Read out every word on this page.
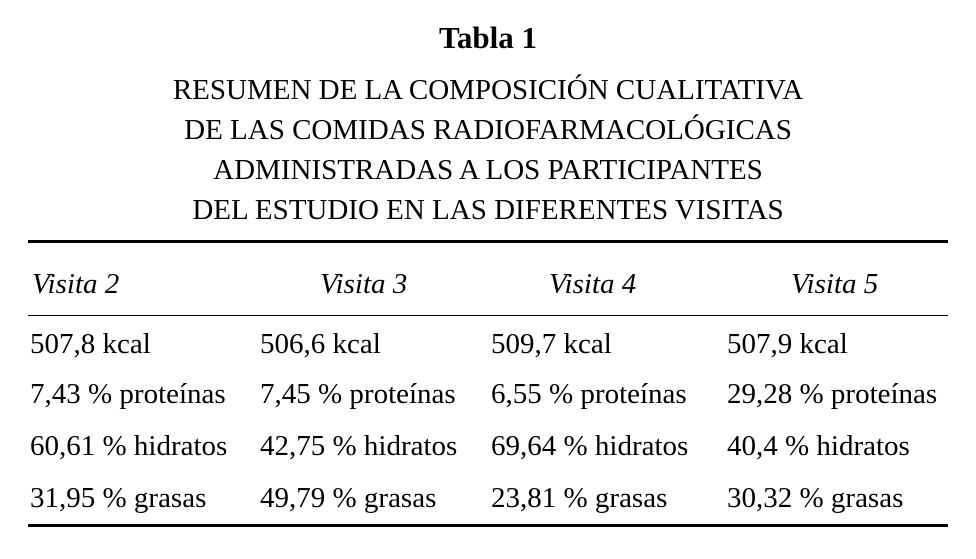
Tabla 1
RESUMEN DE LA COMPOSICIÓN CUALITATIVA
DE LAS COMIDAS RADIOFARMACOLÓGICAS
ADMINISTRADAS A LOS PARTICIPANTES
DEL ESTUDIO EN LAS DIFERENTES VISITAS
Visita 2	Visita 3	Visita 4	Visita 5
507,8 kcal	506,6 kcal	509,7 kcal	507,9 kcal
7,43 % proteínas 7,45 % proteínas 6,55 % proteínas 29,28 % proteínas
60,61 % hidratos 42,75 % hidratos 69,64 % hidratos 40,4 % hidratos
31,95 % grasas 49,79 % grasas 23,81 % grasas 30,32 % grasas
